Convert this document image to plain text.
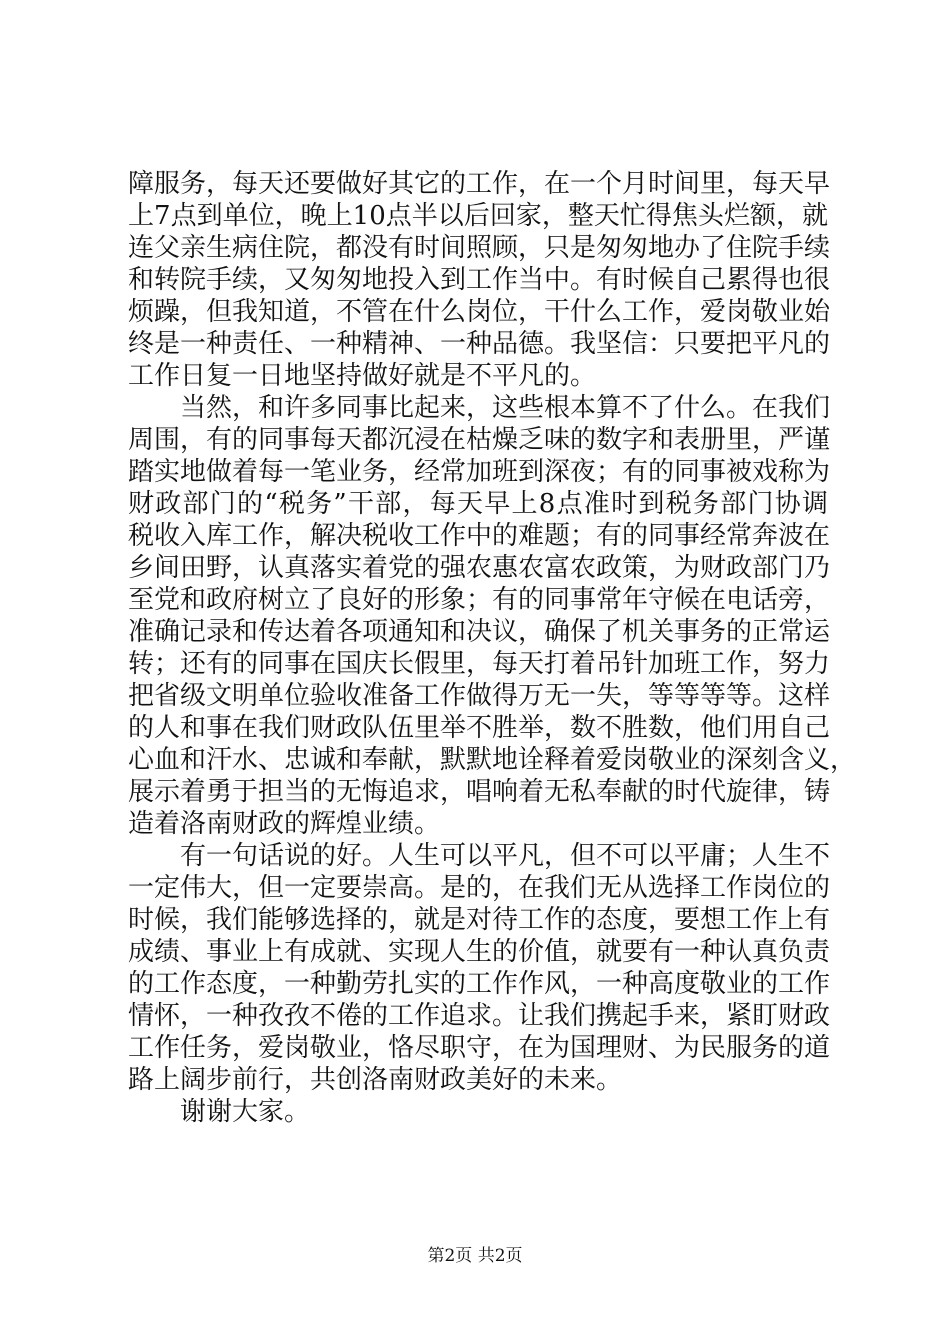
障服务，每天还要做好其它的工作，在一个月时间里，每天早
上7点到单位，晚上10点半以后回家，整天忙得焦头烂额，就
连父亲生病住院，都没有时间照顾，只是匆匆地办了住院手续
和转院手续，又匆匆地投入到工作当中。有时候自己累得也很
烦躁，但我知道，不管在什么岗位，干什么工作，爱岗敬业始
终是一种责任、一种精神、一种品德。我坚信：只要把平凡的
工作日复一日地坚持做好就是不平凡的。
当然，和许多同事比起来，这些根本算不了什么。在我们
周围，有的同事每天都沉浸在枯燥乏味的数字和表册里，严谨
踏实地做着每一笔业务，经常加班到深夜；有的同事被戏称为
财政部门的“税务”干部，每天早上8点准时到税务部门协调
税收入库工作，解决税收工作中的难题；有的同事经常奔波在
乡间田野，认真落实着党的强农惠农富农政策，为财政部门乃
至党和政府树立了良好的形象；有的同事常年守候在电话旁，
准确记录和传达着各项通知和决议，确保了机关事务的正常运
转；还有的同事在国庆长假里，每天打着吊针加班工作，努力
把省级文明单位验收准备工作做得万无一失，等等等等。这样
的人和事在我们财政队伍里举不胜举，数不胜数，他们用自己
心血和汗水、忠诚和奉献，默默地诠释着爱岗敬业的深刻含义，
展示着勇于担当的无悔追求，唱响着无私奉献的时代旋律，铸
造着洛南财政的辉煌业绩。
有一句话说的好。人生可以平凡，但不可以平庸；人生不
一定伟大，但一定要崇高。是的，在我们无从选择工作岗位的
时候，我们能够选择的，就是对待工作的态度，要想工作上有
成绩、事业上有成就、实现人生的价值，就要有一种认真负责
的工作态度，一种勤劳扎实的工作作风，一种高度敬业的工作
情怀，一种孜孜不倦的工作追求。让我们携起手来，紧盯财政
工作任务，爱岗敬业，恪尽职守，在为国理财、为民服务的道
路上阔步前行，共创洛南财政美好的未来。
谢谢大家。
第2页 共2页
